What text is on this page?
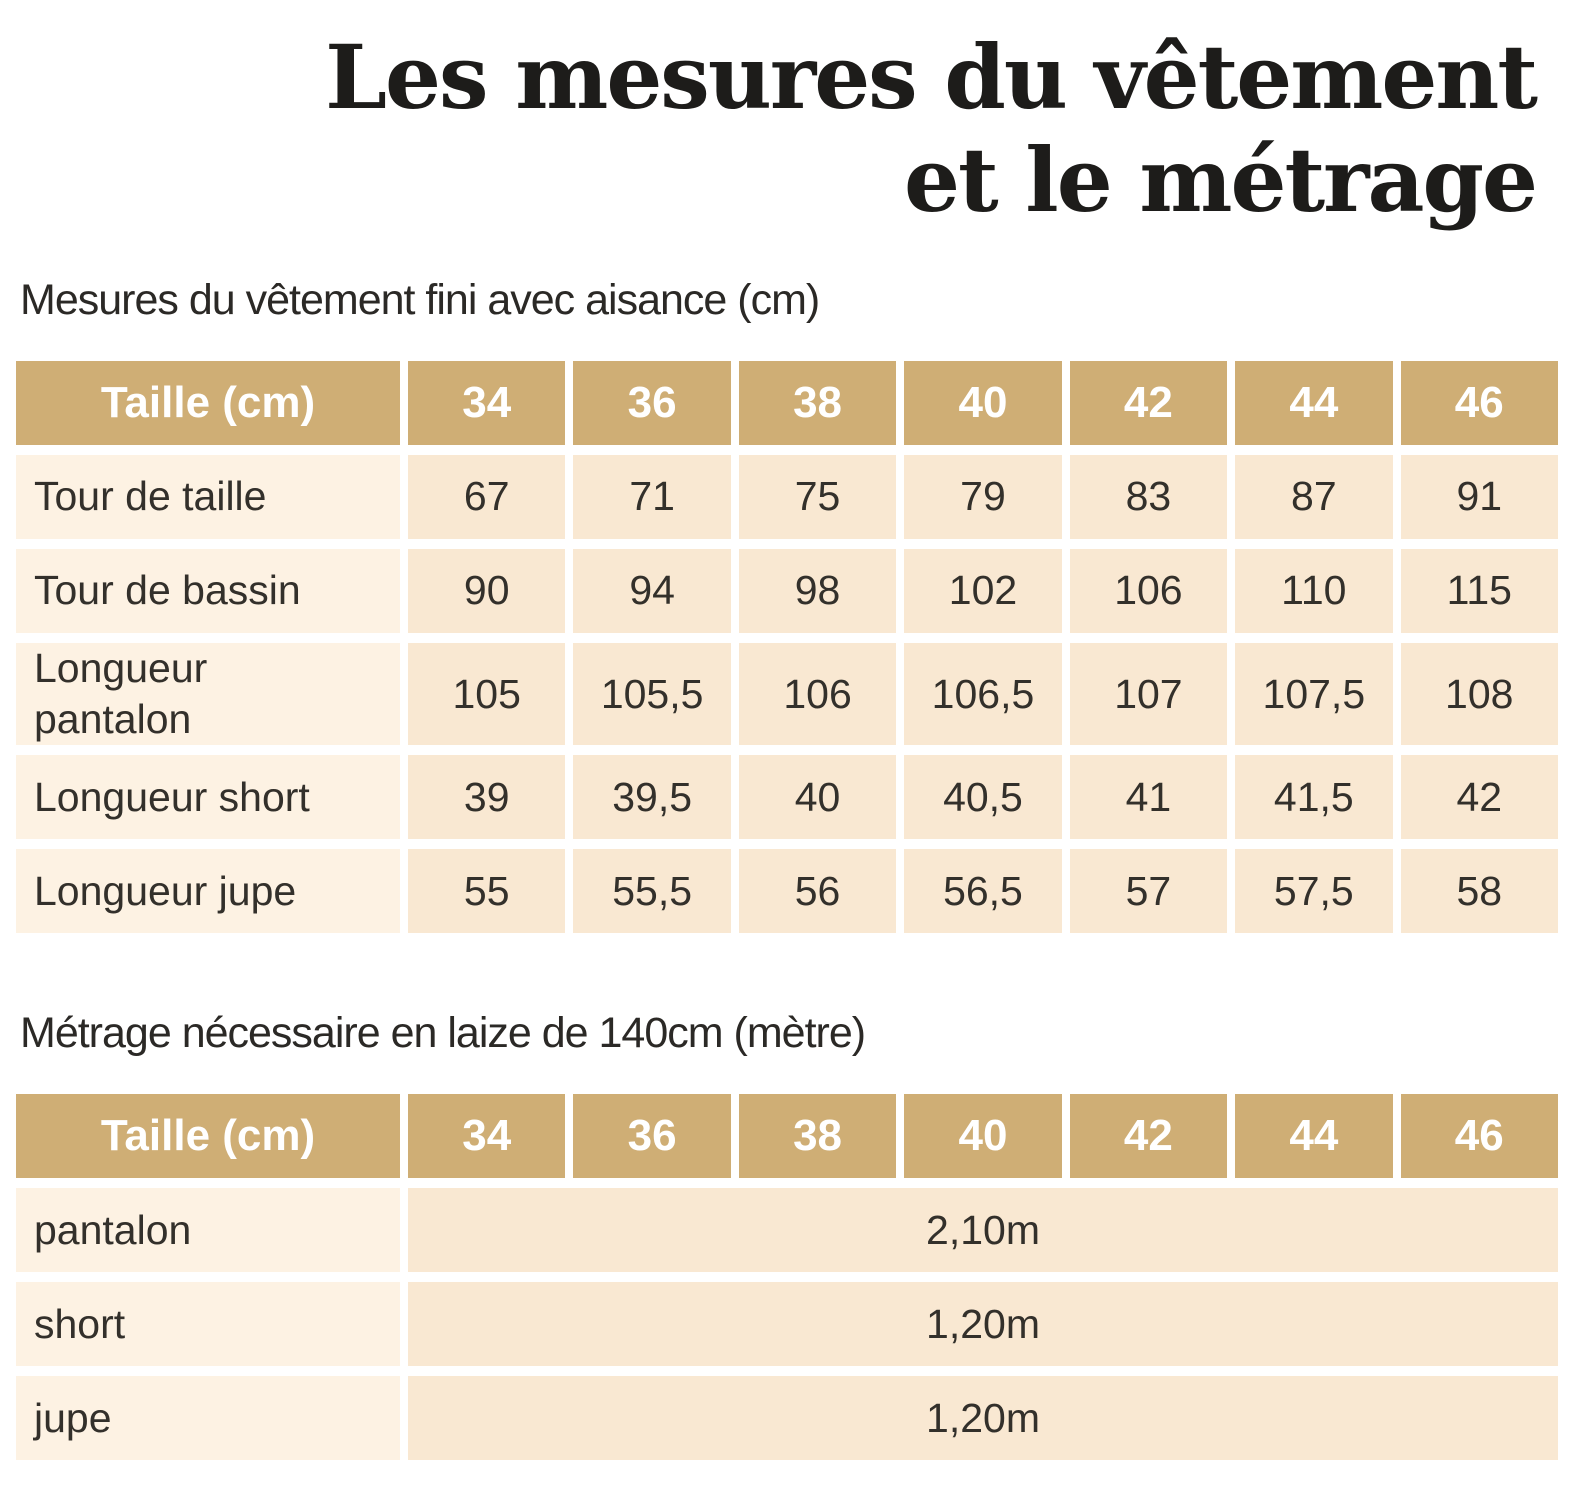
Les mesures du vêtement
et le métrage
Mesures du vêtement fini avec aisance (cm)
Taille (cm)	34	36	38	40	42	44	46
Tour de taille	67	71	75	79	83	87	91
Tour de bassin	90	94	98	102	106	110	115
Longueur pantalon	105	105,5	106	106,5	107	107,5	108
Longueur short	39	39,5	40	40,5	41	41,5	42
Longueur jupe	55	55,5	56	56,5	57	57,5	58
Métrage nécessaire en laize de 140cm (mètre)
Taille (cm)	34	36	38	40	42	44	46
pantalon	2,10m						
short	1,20m						
jupe	1,20m						
